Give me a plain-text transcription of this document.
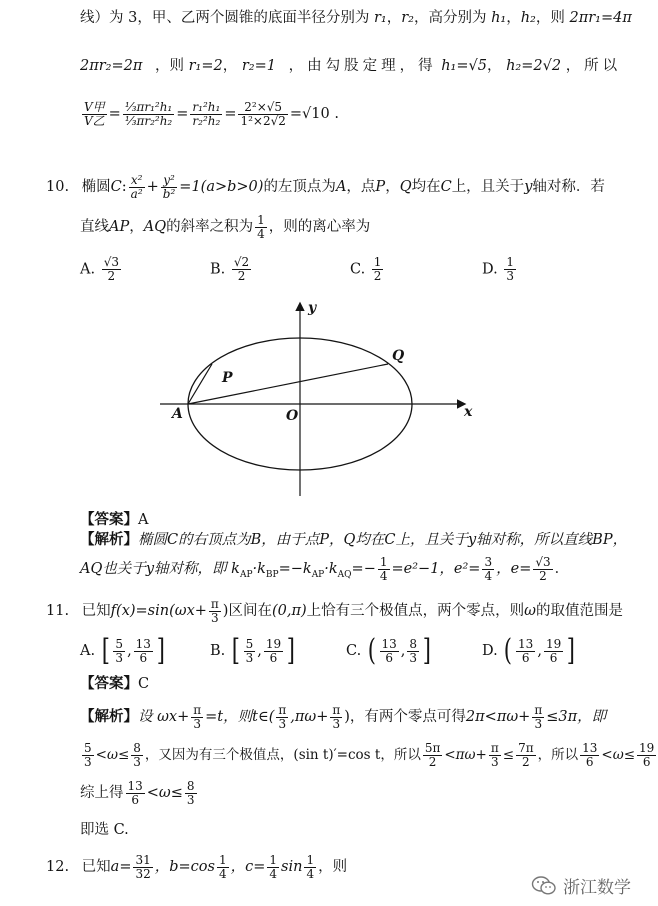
线）为 3，甲、乙两个圆锥的底面半径分别为 r₁，r₂，高分别为 h₁，h₂，则 2πr₁=4π
2πr₂=2π ，则 r₁=2， r₂=1 ，由勾股定理，得 h₁=√5， h₂=2√2 ，所以
$\frac{\text{V甲}}{\text{V乙}} = \frac{\text{⅓πr₁²h₁}}{\text{⅓πr₂²h₂}} = \frac{\text{r₁²h₁}}{\text{r₂²h₂}} = \frac{\text{2²×√5}}{\text{1²×2√2}} =√10$ .
10. 椭圆C: $\frac{\text{x²}}{\text{a²}} + \frac{\text{y²}}{\text{b²}} =1(a>b>0)$的左顶点为A，点P，Q均在C上，且关于y轴对称．若
直线AP，AQ的斜率之积为 $\frac{1}{4}$ ，则的离心率为
A. $\frac{√3}{2}$	B. $\frac{√2}{2}$	C. $\frac{1}{2}$	D. $\frac{1}{3}$
A	O
P
Q
x
y
【答案】A
【解析】椭圆C的右顶点为B，由于点P，Q均在C上，且关于y轴对称，所以直线BP，
AQ也关于y轴对称，即 $k_{AP}\cdot k_{BP}=-k_{AP}\cdot k_{AQ}=- \frac{1}{4} =e^2-1$，$e^2= \frac{3}{4}$ ，$e= \frac{√3}{2}$ ．
11. 已知$f(x)=\sin(\omega x+ \frac{\pi}{3}$ )区间在(0,π)上恰有三个极值点，两个零点，则ω的取值范围是
A. [ $\frac{5}{3}$ , $\frac{13}{6}$ ]	B. [ $\frac{5}{3}$ , $\frac{19}{6}$ ]	C. ( $\frac{13}{6}$ , $\frac{8}{3}$ ]	D. ( $\frac{13}{6}$ , $\frac{19}{6}$ ]
【答案】C
【解析】设 $\omega x+ \frac{\pi}{3} =t$，则t∈( $\frac{\pi}{3} ,\pi\omega+ \frac{\pi}{3}$ )，有两个零点可得$2\pi<\pi\omega+ \frac{\pi}{3} \le 3\pi$，即
$\frac{5}{3} <\omega\le \frac{8}{3}$ ，又因为有三个极值点，(sin t)′=cos t，所以 $\frac{5\pi}{2} <\pi\omega+ \frac{\pi}{3} \le \frac{7\pi}{2}$ ，所以 $\frac{13}{6} <\omega\le \frac{19}{6}$
综上得 $\frac{13}{6} <\omega\le \frac{8}{3}$
即选 C.
12. 已知$a= \frac{31}{32}$ ，$b=\cos \frac{1}{4}$ ，$c= \frac{1}{4}$ $\sin \frac{1}{4}$ ，则
浙江数学
